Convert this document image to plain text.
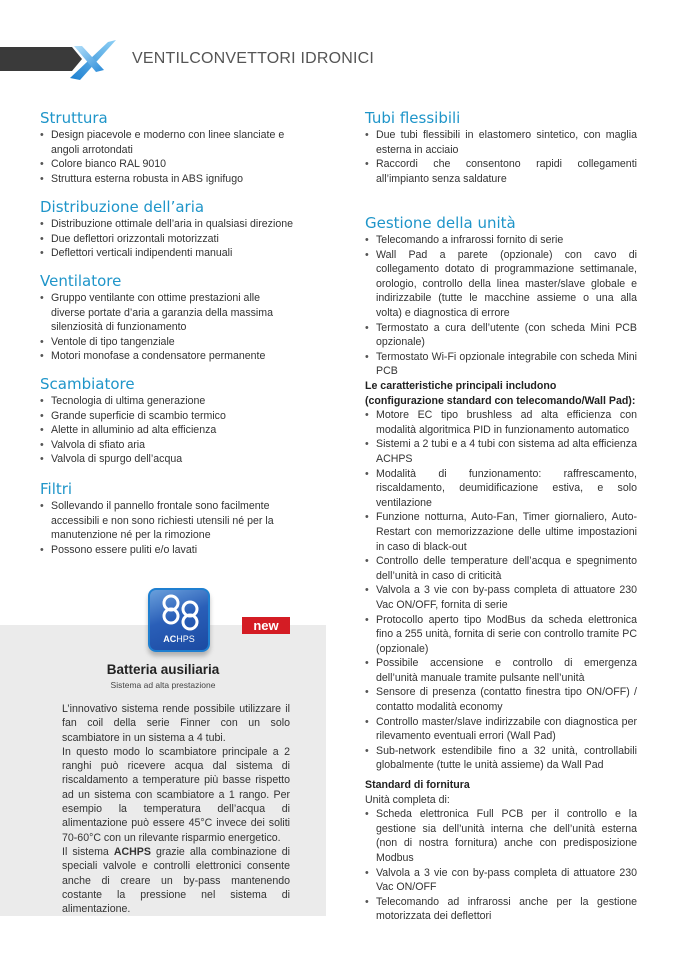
VENTILCONVETTORI IDRONICI
Struttura
• Design piacevole e moderno con linee slanciate e angoli arrotondati
• Colore bianco RAL 9010
• Struttura esterna robusta in ABS ignifugo
Distribuzione dell’aria
• Distribuzione ottimale dell’aria in qualsiasi direzione
• Due deflettori orizzontali motorizzati
• Deflettori verticali indipendenti manuali
Ventilatore
• Gruppo ventilante con ottime prestazioni alle diverse portate d’aria a garanzia della massima silenziosità di funzionamento
• Ventole di tipo tangenziale
• Motori monofase a condensatore permanente
Scambiatore
• Tecnologia di ultima generazione
• Grande superficie di scambio termico
• Alette in alluminio ad alta efficienza
• Valvola di sfiato aria
• Valvola di spurgo dell’acqua
Filtri
• Sollevando il pannello frontale sono facilmente accessibili e non sono richiesti utensili né per la manutenzione né per la rimozione
• Possono essere puliti e/o lavati
ACHPS
new
Batteria ausiliaria
Sistema ad alta prestazione

L’innovativo sistema rende possibile utilizzare il fan coil della serie Finner con un solo scambiatore in un sistema a 4 tubi.

In questo modo lo scambiatore principale a 2 ranghi può ricevere acqua dal sistema di riscaldamento a temperature più basse rispetto ad un sistema con scambiatore a 1 rango. Per esempio la temperatura dell’acqua di alimentazione può essere 45°C invece dei soliti 70-60°C con un rilevante risparmio energetico.

Il sistema ACHPS grazie alla combinazione di speciali valvole e controlli elettronici consente anche di creare un by-pass mantenendo costante la pressione nel sistema di alimentazione.

Tubi flessibili
• Due tubi flessibili in elastomero sintetico, con maglia esterna in acciaio
• Raccordi che consentono rapidi collegamenti all’impianto senza saldature
Gestione della unità
• Telecomando a infrarossi fornito di serie
• Wall Pad a parete (opzionale) con cavo di collegamento dotato di programmazione settimanale, orologio, controllo della linea master/slave globale e indirizzabile (tutte le macchine assieme o una alla volta) e diagnostica di errore
• Termostato a cura dell’utente (con scheda Mini PCB opzionale)
• Termostato Wi-Fi opzionale integrabile con scheda Mini PCB
Le caratteristiche principali includono (configurazione standard con telecomando/Wall Pad):
• Motore EC tipo brushless ad alta efficienza con modalità algoritmica PID in funzionamento automatico
• Sistemi a 2 tubi e a 4 tubi con sistema ad alta efficienza ACHPS
• Modalità di funzionamento: raffrescamento, riscaldamento, deumidificazione estiva, e solo ventilazione
• Funzione notturna, Auto-Fan, Timer giornaliero, Auto-Restart con memorizzazione delle ultime impostazioni in caso di black-out
• Controllo delle temperature dell’acqua e spegnimento dell’unità in caso di criticità
• Valvola a 3 vie con by-pass completa di attuatore 230 Vac ON/OFF, fornita di serie
• Protocollo aperto tipo ModBus da scheda elettronica fino a 255 unità, fornita di serie con controllo tramite PC (opzionale)
• Possibile accensione e controllo di emergenza dell’unità manuale tramite pulsante nell’unità
• Sensore di presenza (contatto finestra tipo ON/OFF) / contatto modalità economy
• Controllo master/slave indirizzabile con diagnostica per rilevamento eventuali errori (Wall Pad)
• Sub-network estendibile fino a 32 unità, controllabili globalmente (tutte le unità assieme) da Wall Pad
Standard di fornitura
Unità completa di:
• Scheda elettronica Full PCB per il controllo e la gestione sia dell’unità interna che dell’unità esterna (non di nostra fornitura) anche con predisposizione Modbus
• Valvola a 3 vie con by-pass completa di attuatore 230 Vac ON/OFF
• Telecomando ad infrarossi anche per la gestione motorizzata dei deflettori
